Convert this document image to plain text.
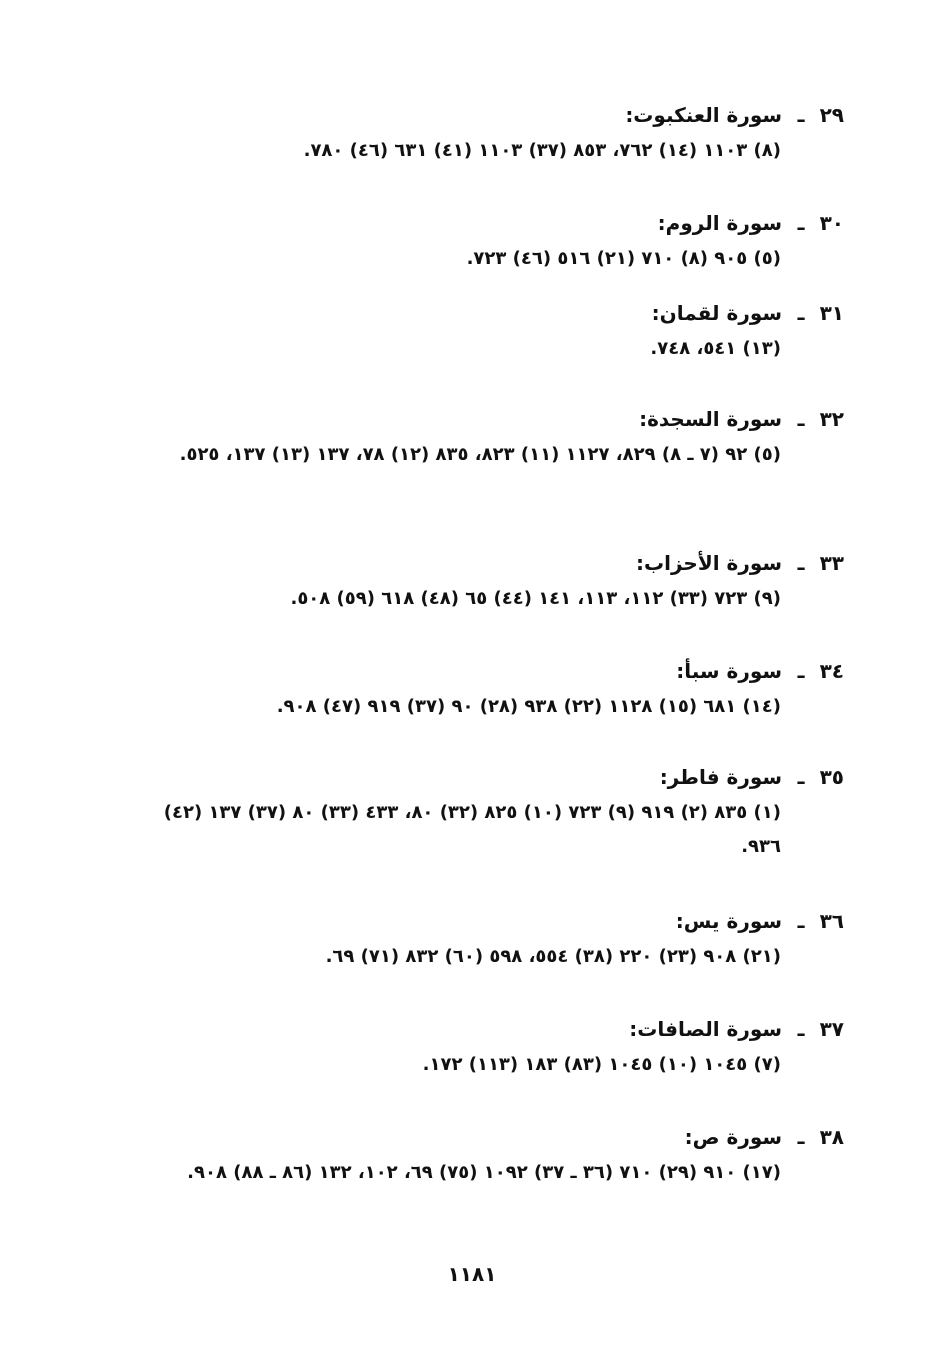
٢٩ ـ سورة العنكبوت:
(٨) ١١٠٣ (١٤) ٧٦٢، ٨٥٣ (٣٧) ١١٠٣ (٤١) ٦٣١ (٤٦) ٧٨٠.
٣٠ ـ سورة الروم:
(٥) ٩٠٥ (٨) ٧١٠ (٢١) ٥١٦ (٤٦) ٧٢٣.
٣١ ـ سورة لقمان:
(١٣) ٥٤١، ٧٤٨.
٣٢ ـ سورة السجدة:
(٥) ٩٢ (٧ ـ ٨) ٨٢٩، ١١٢٧ (١١) ٨٢٣، ٨٣٥ (١٢) ٧٨، ١٣٧ (١٣) ١٣٧، ٥٢٥.
٣٣ ـ سورة الأحزاب:
(٩) ٧٢٣ (٣٣) ١١٢، ١١٣، ١٤١ (٤٤) ٦٥ (٤٨) ٦١٨ (٥٩) ٥٠٨.
٣٤ ـ سورة سبأ:
(١٤) ٦٨١ (١٥) ١١٢٨ (٢٢) ٩٣٨ (٢٨) ٩٠ (٣٧) ٩١٩ (٤٧) ٩٠٨.
٣٥ ـ سورة فاطر:
(١) ٨٣٥ (٢) ٩١٩ (٩) ٧٢٣ (١٠) ٨٢٥ (٣٢) ٨٠، ٤٣٣ (٣٣) ٨٠ (٣٧) ١٣٧ (٤٢) ٩٣٦.
٣٦ ـ سورة يس:
(٢١) ٩٠٨ (٢٣) ٢٢٠ (٣٨) ٥٥٤، ٥٩٨ (٦٠) ٨٣٢ (٧١) ٦٩.
٣٧ ـ سورة الصافات:
(٧) ١٠٤٥ (١٠) ١٠٤٥ (٨٣) ١٨٣ (١١٣) ١٧٢.
٣٨ ـ سورة ص:
(١٧) ٩١٠ (٢٩) ٧١٠ (٣٦ ـ ٣٧) ١٠٩٢ (٧٥) ٦٩، ١٠٢، ١٣٢ (٨٦ ـ ٨٨) ٩٠٨.
١١٨١
